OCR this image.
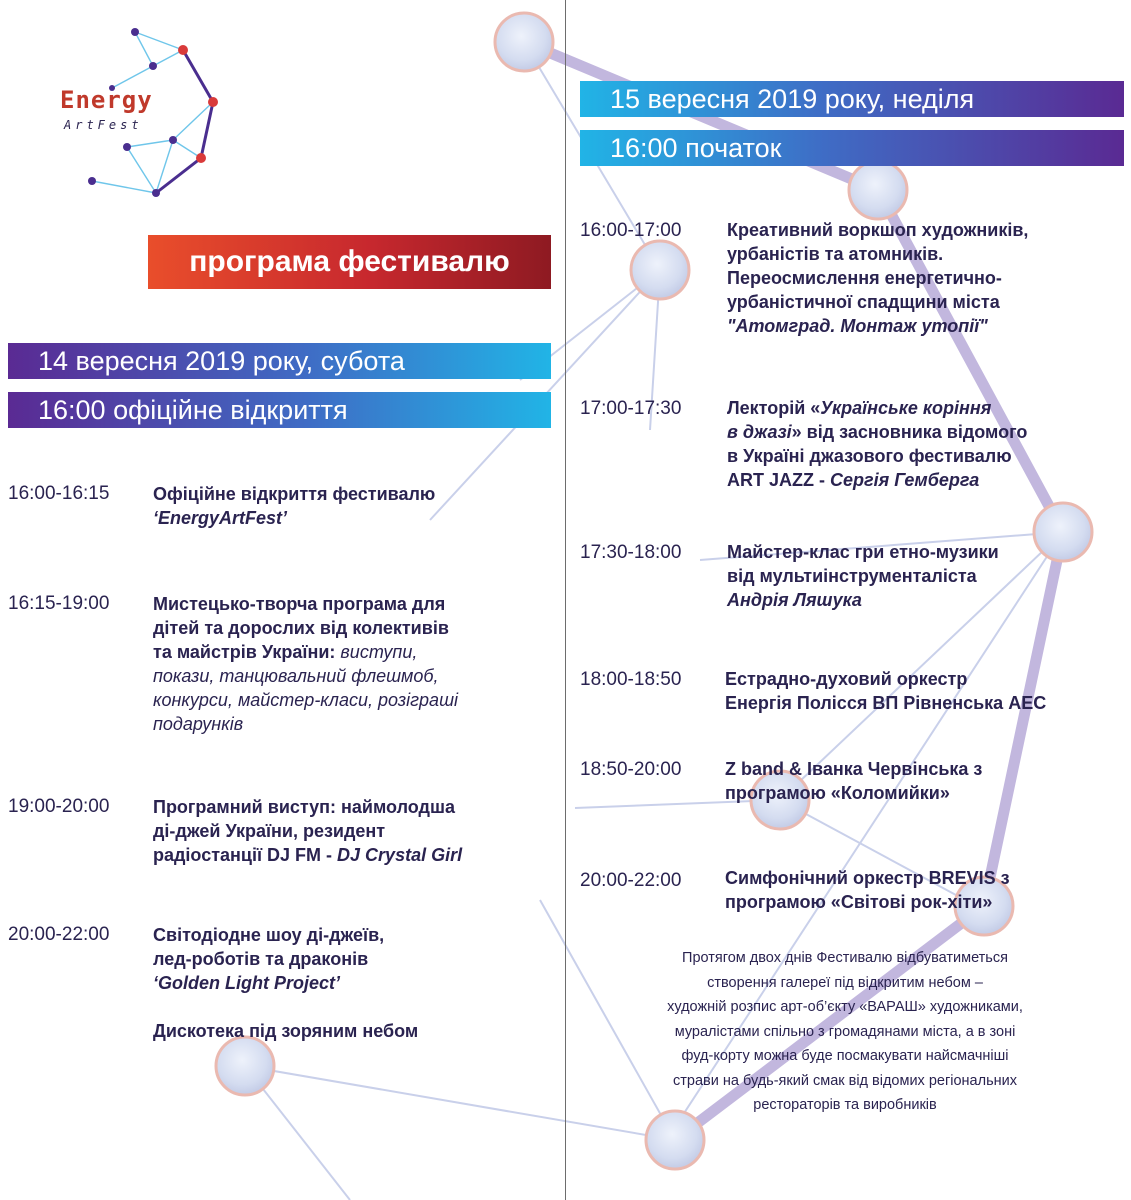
Energy
ArtFest
програма фестивалю
14 вересня 2019 року, субота
16:00 офіційне відкриття
16:00-16:15 Офіційне відкриття фестивалю
‘EnergyArtFest’
16:15-19:00 Мистецько-творча програма для
дітей та дорослих від колективів
та майстрів України: виступи,
покази, танцювальний флешмоб,
конкурси, майстер-класи, розіграші
подарунків
19:00-20:00 Програмний виступ: наймолодша
ді-джей України, резидент
радіостанції DJ FM - DJ Crystal Girl
20:00-22:00 Світодіодне шоу ді-джеїв,
лед-роботів та драконів
‘Golden Light Project’
Дискотека під зоряним небом
15 вересня 2019 року, неділя
16:00 початок
16:00-17:00	Креативний воркшоп художників,
урбаністів та атомників.
Переосмислення енергетично-
урбаністичної спадщини міста
"Атомград. Монтаж утопії"
17:00-17:30	Лекторій «Українське коріння
в джазі» від засновника відомого
в Україні джазового фестивалю
ART JAZZ - Сергія Гемберга
17:30-18:00	Майстер-клас гри етно-музики
від мультиінструменталіста
Андрія Ляшука
18:00-18:50 Естрадно-духовий оркестр
Енергія Полісся ВП Рівненська АЕС
18:50-20:00 Z band & Іванка Червінська з
програмою «Коломийки»
20:00-22:00 Симфонічний оркестр BREVIS з
програмою «Світові рок-хіти»
Протягом двох днів Фестивалю відбуватиметься
створення галереї під відкритим небом –
художній розпис арт-об’єкту «ВАРАШ» художниками,
муралістами спільно з громадянами міста, а в зоні
фуд-корту можна буде посмакувати найсмачніші
страви на будь-який смак від відомих регіональних
рестораторів та виробників
